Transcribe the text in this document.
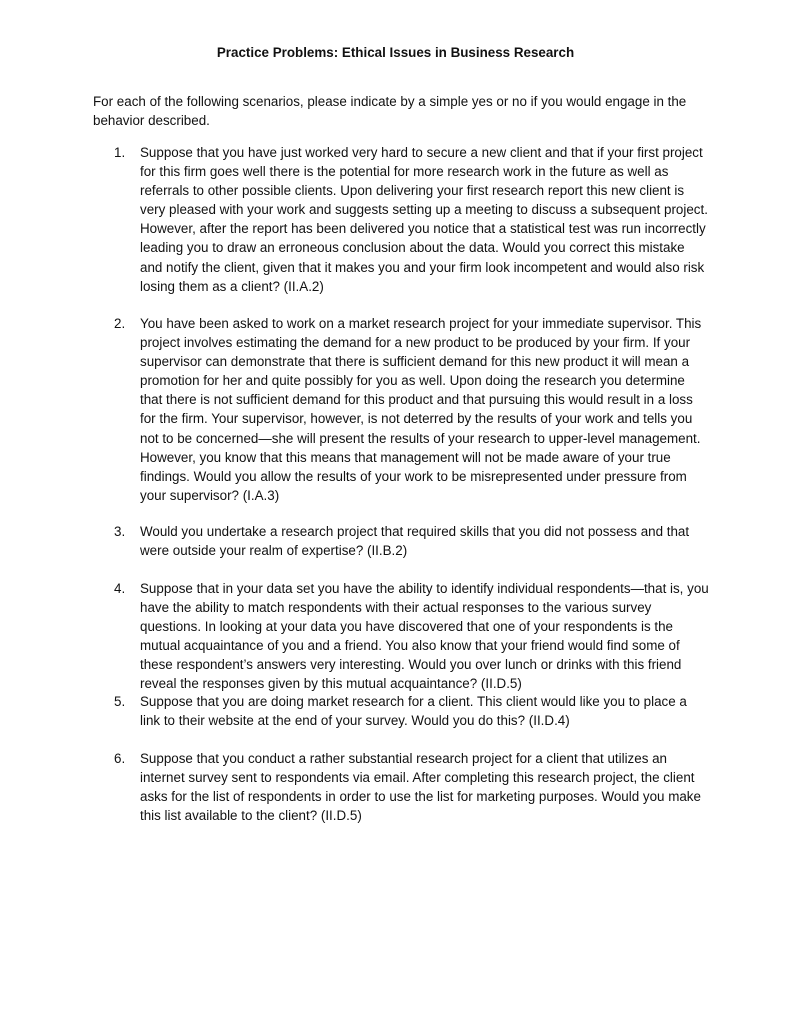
Practice Problems: Ethical Issues in Business Research

For each of the following scenarios, please indicate by a simple yes or no if you would engage in the behavior described.

1.	Suppose that you have just worked very hard to secure a new client and that if your first project for this firm goes well there is the potential for more research work in the future as well as referrals to other possible clients. Upon delivering your first research report this new client is very pleased with your work and suggests setting up a meeting to discuss a subsequent project. However, after the report has been delivered you notice that a statistical test was run incorrectly leading you to draw an erroneous conclusion about the data. Would you correct this mistake and notify the client, given that it makes you and your firm look incompetent and would also risk losing them as a client? (II.A.2)
2.	You have been asked to work on a market research project for your immediate supervisor. This project involves estimating the demand for a new product to be produced by your firm. If your supervisor can demonstrate that there is sufficient demand for this new product it will mean a promotion for her and quite possibly for you as well. Upon doing the research you determine that there is not sufficient demand for this product and that pursuing this would result in a loss for the firm. Your supervisor, however, is not deterred by the results of your work and tells you not to be concerned—she will present the results of your research to upper-level management. However, you know that this means that management will not be made aware of your true findings. Would you allow the results of your work to be misrepresented under pressure from your supervisor? (I.A.3)
3.	Would you undertake a research project that required skills that you did not possess and that were outside your realm of expertise? (II.B.2)
4.	Suppose that in your data set you have the ability to identify individual respondents—that is, you have the ability to match respondents with their actual responses to the various survey questions. In looking at your data you have discovered that one of your respondents is the mutual acquaintance of you and a friend. You also know that your friend would find some of these respondent’s answers very interesting. Would you over lunch or drinks with this friend reveal the responses given by this mutual acquaintance? (II.D.5)
5.	Suppose that you are doing market research for a client. This client would like you to place a link to their website at the end of your survey. Would you do this? (II.D.4)
6.	Suppose that you conduct a rather substantial research project for a client that utilizes an internet survey sent to respondents via email. After completing this research project, the client asks for the list of respondents in order to use the list for marketing purposes. Would you make this list available to the client? (II.D.5)
